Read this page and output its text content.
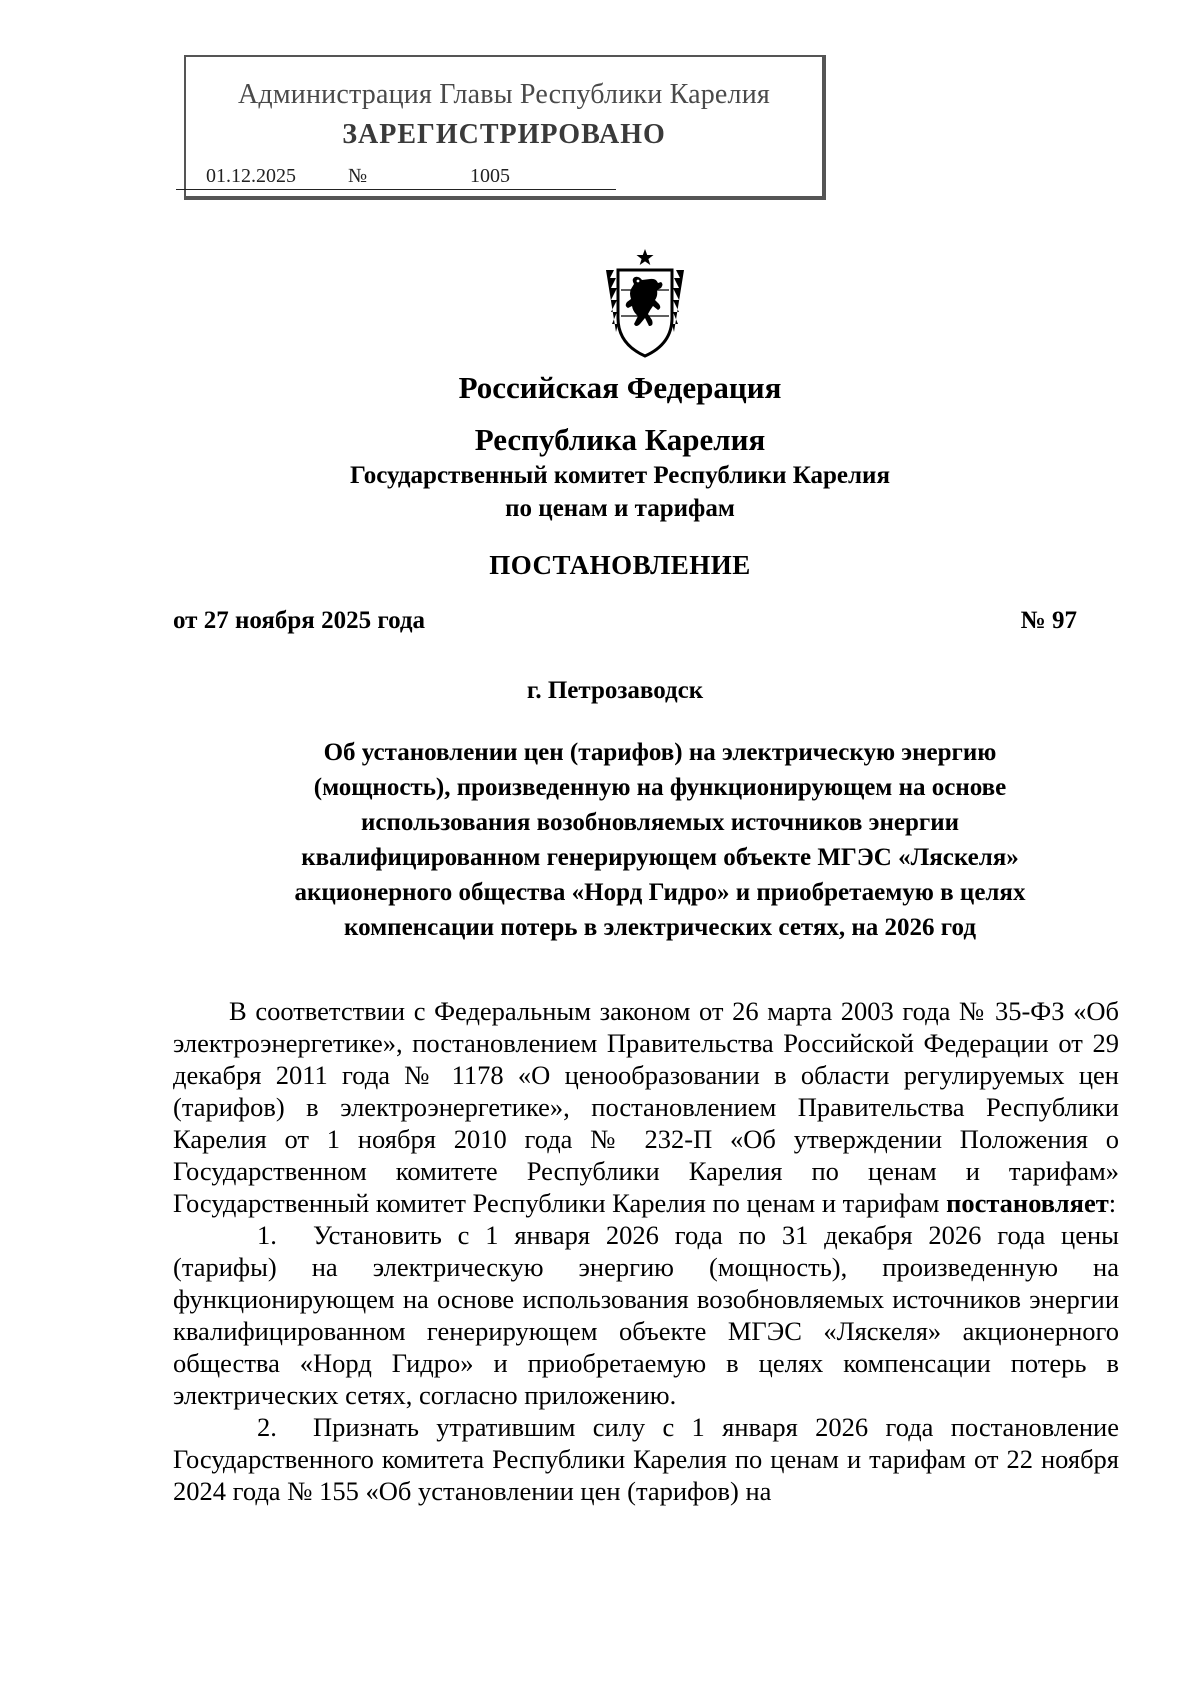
Администрация Главы Республики Карелия
ЗАРЕГИСТРИРОВАНО
01.12.2025	№	1005
Российская Федерация
Республика Карелия
Государственный комитет Республики Карелия
по ценам и тарифам
ПОСТАНОВЛЕНИЕ
от 27 ноября 2025 года	№ 97
г. Петрозаводск
Об установлении цен (тарифов) на электрическую энергию
(мощность), произведенную на функционирующем на основе
использования возобновляемых источников энергии
квалифицированном генерирующем объекте МГЭС «Ляскеля»
акционерного общества «Норд Гидро» и приобретаемую в целях
компенсации потерь в электрических сетях, на 2026 год

В соответствии с Федеральным законом от 26 марта 2003 года № 35-ФЗ «Об электроэнергетике», постановлением Правительства Российской Федерации от 29 декабря 2011 года № 1178 «О ценообразовании в области регулируемых цен (тарифов) в электроэнергетике», постановлением Правительства Республики Карелия от 1 ноября 2010 года № 232-П «Об утверждении Положения о Государственном комитете Республики Карелия по ценам и тарифам» Государственный комитет Республики Карелия по ценам и тарифам постановляет:

1. Установить с 1 января 2026 года по 31 декабря 2026 года цены (тарифы) на электрическую энергию (мощность), произведенную на функционирующем на основе использования возобновляемых источников энергии квалифицированном генерирующем объекте МГЭС «Ляскеля» акционерного общества «Норд Гидро» и приобретаемую в целях компенсации потерь в электрических сетях, согласно приложению.

2. Признать утратившим силу с 1 января 2026 года постановление Государственного комитета Республики Карелия по ценам и тарифам от 22 ноября 2024 года № 155 «Об установлении цен (тарифов) на
